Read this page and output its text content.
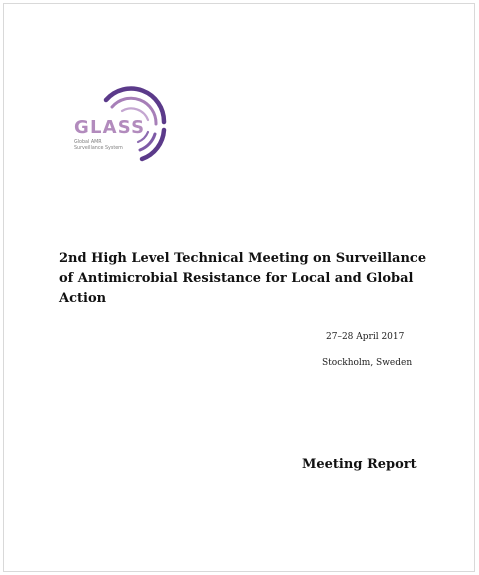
GLASS
Global AMR
Surveillance System
2nd High Level Technical Meeting on Surveillance of Antimicrobial Resistance for Local and Global Action
27–28 April 2017
Stockholm, Sweden
Meeting Report
